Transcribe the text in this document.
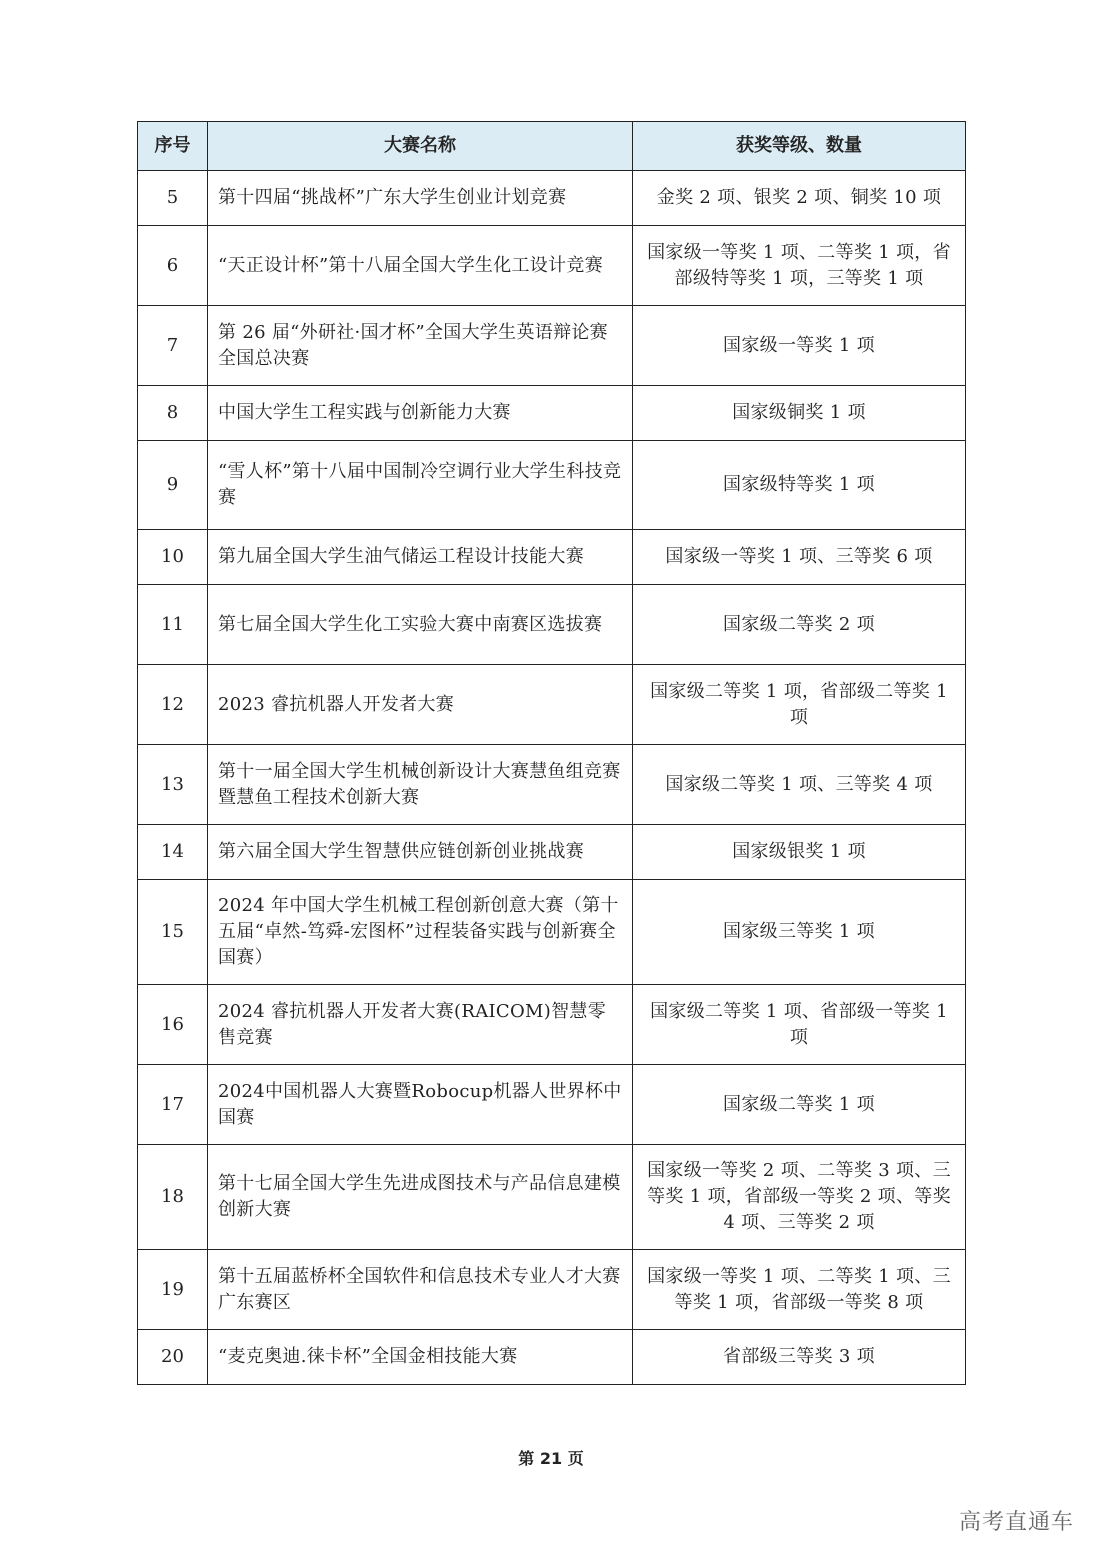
序号	大赛名称	获奖等级、数量
5	第十四届“挑战杯”广东大学生创业计划竞赛	金奖 2 项、银奖 2 项、铜奖 10 项
6	“天正设计杯”第十八届全国大学生化工设计竞赛	国家级一等奖 1 项、二等奖 1 项，省部级特等奖 1 项，三等奖 1 项
7	第 26 届“外研社·国才杯”全国大学生英语辩论赛全国总决赛	国家级一等奖 1 项
8	中国大学生工程实践与创新能力大赛	国家级铜奖 1 项
9	“雪人杯”第十八届中国制冷空调行业大学生科技竞赛	国家级特等奖 1 项
10	第九届全国大学生油气储运工程设计技能大赛	国家级一等奖 1 项、三等奖 6 项
11	第七届全国大学生化工实验大赛中南赛区选拔赛	国家级二等奖 2 项
12	2023 睿抗机器人开发者大赛	国家级二等奖 1 项，省部级二等奖 1 项
13	第十一届全国大学生机械创新设计大赛慧鱼组竞赛暨慧鱼工程技术创新大赛	国家级二等奖 1 项、三等奖 4 项
14	第六届全国大学生智慧供应链创新创业挑战赛	国家级银奖 1 项
15	2024 年中国大学生机械工程创新创意大赛（第十五届“卓然-笃舜-宏图杯”过程装备实践与创新赛全国赛）	国家级三等奖 1 项
16	2024 睿抗机器人开发者大赛(RAICOM)智慧零售竞赛	国家级二等奖 1 项、省部级一等奖 1 项
17	2024中国机器人大赛暨Robocup机器人世界杯中国赛	国家级二等奖 1 项
18	第十七届全国大学生先进成图技术与产品信息建模创新大赛	国家级一等奖 2 项、二等奖 3 项、三等奖 1 项，省部级一等奖 2 项、等奖 4 项、三等奖 2 项
19	第十五届蓝桥杯全国软件和信息技术专业人才大赛广东赛区	国家级一等奖 1 项、二等奖 1 项、三等奖 1 项，省部级一等奖 8 项
20	“麦克奥迪.徕卡杯”全国金相技能大赛	省部级三等奖 3 项
第 21 页
高考直通车
